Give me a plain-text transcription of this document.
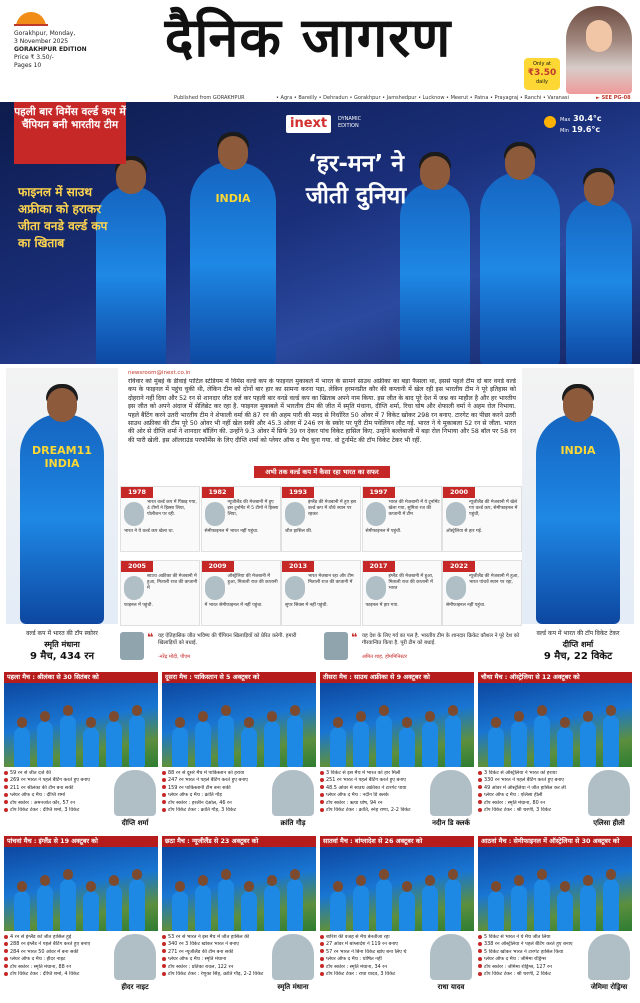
Gorakhpur, Monday,
3 November 2025
GORAKHPUR EDITION
Price ₹ 3.50/-
Pages 10	दैनिक जागरण	Only at
₹3.50
daily
Published from GORAKHPUR	• Agra • Bareilly • Dehradun • Gorakhpur • Jamshedpur • Lucknow • Meerut • Patna • Prayagraj • Ranchi • Varanasi	► SEE PG-08
INDIA
पहली बार विमेंस वर्ल्ड कप में चैंपियन बनी भारतीय टीम
फाइनल में साउथ अफ्रीका को हराकर जीता वनडे वर्ल्ड कप का खिताब
inext	DYNAMIC EDITION
Max 30.4°c
Min 19.6°c
‘हर-मन’ ने
जीती दुनिया
DREAM11 INDIA
वर्ल्ड कप में भारत की टॉप स्कोरर
स्मृति मंधाना
9 मैच, 434 रन
INDIA
वर्ल्ड कप में भारत की टॉप विकेट टेकर
दीप्ति शर्मा
9 मैच, 22 विकेट
newsroom@inext.co.in
रविवार को मुंबई के डीवाई पाटिल स्टेडियम में विमेंस वर्ल्ड कप के फाइनल मुकाबले में भारत के सामने साउथ अफ्रीका का बड़ा फैसला था, इससे पहले टीम दो बार वनडे वर्ल्ड कप के फाइनल में पहुंच चुकी थी, लेकिन टीम को दोनों बार हार का सामना करना पड़ा, लेकिन हरमनप्रीत कौर की कप्तानी में खेल रही इस भारतीय टीम ने पूरे इतिहास को दोहराने नहीं दिया और 52 रन से शानदार जीत दर्ज कर पहली बार वनडे वर्ल्ड कप का खिताब अपने नाम किया. इस जीत के बाद पूरे देश में जश्न का माहौल है और हर भारतीय इस जीत को अपने अंदाज में सेलिब्रेट कर रहा है. फाइनल मुकाबले में भारतीय टीम की जीत में स्मृति मंधाना, दीप्ति शर्मा, रिचा घोष और शेफाली वर्मा ने अहम रोल निभाया. पहले बैटिंग करने उतरी भारतीय टीम ने शेफाली वर्मा की 87 रन की अहम पारी की मदद से निर्धारित 50 ओवर में 7 विकेट खोकर 298 रन बनाए. टारगेट का पीछा करने उतरी साउथ अफ्रीका की टीम पूरे 50 ओवर भी नहीं खेल सकी और 45.3 ओवर में 246 रन के स्कोर पर पूरी टीम पवेलियन लौट गई. भारत ने ये मुकाबला 52 रन से जीता. भारत की ओर से दीप्ति शर्मा ने शानदार बॉलिंग की. उन्होंने 9.3 ओवर में सिर्फ 39 रन देकर पांच विकेट हासिल किए. उन्होंने बल्लेबाजी में बड़ा रोल निभाया और 58 बॉल पर 58 रन की पारी खेली. इस ऑलराउंड परफॉर्मेंस के लिए दीप्ति शर्मा को प्लेयर ऑफ द मैच चुना गया. वो टूर्नामेंट की टॉप विकेट टेकर भी रहीं.
अभी तक वर्ल्ड कप में कैसा रहा भारत का सफर
1978
भारत वर्ल्ड कप में पिछड़ गया, 4 टीमों ने हिस्सा लिया, पोलीशन पर रही.
भारत ने ये वर्ल्ड कप खेला था.
1982
न्यूजीलैंड की मेजबानी में हुए इस टूर्नामेंट में 5 टीमों ने हिस्सा लिया,
सेमीफाइनल में भारत नहीं पहुंचा.
1993
इंग्लैंड की मेजबानी में हुए इस वर्ल्ड कप में चौथे स्थान पर रहकर
जीत हासिल की.
1997
भारत की मेजबानी में ये टूर्नामेंट खेला गया, सुमित्रा रज की कप्तानी में टीम
सेमीफाइनल में पहुंची.
2000
न्यूजीलैंड की मेजबानी में खेले गए वर्ल्ड कप, सेमीफाइनल में पहुंची,
ऑस्ट्रेलिया से हार गई.
2005
साउथ अफ्रीका की मेजबानी में हुआ, मिताली राज की कप्तानी में
फाइनल में पहुंची.
2009
ऑस्ट्रेलिया की मेजबानी में हुआ, मिताली राज की कप्तानी
में भारत सेमीफाइनल में नहीं पहुंचा.
2013
भारत मेजबान रहा और टीम मिताली राज की कप्तानी में
सुपर सिक्स में नहीं पहुंची.
2017
इंग्लैंड की मेजबानी में हुआ, मिताली राज की कप्तानी में भारत
फाइनल में हार गया.
2022
न्यूजीलैंड की मेजबानी में हुआ, भारत पांचवें स्थान पर रहा,
सेमीफाइनल नहीं पहुंचा.
❝ यह ऐतिहासिक जीत भविष्य की चैंपियन खिलाड़ियों को प्रेरित करेगी. हमारी खिलाड़ियों को बधाई.
-नरेंद्र मोदी, पीएम
❝ यह देश के लिए गर्व का पल है. भारतीय टीम के शानदार क्रिकेट कौशल ने पूरे देश को गौरवान्वित किया है. पूरी टीम को बधाई.
अमित शाह, होममिनिस्टर
पहला मैच : श्रीलंका से 30 सितंबर को
59 रन से जीत दर्ज की
269 रन भारत ने पहले बैटिंग करते हुए बनाए
211 रन श्रीलंका की टीम बना सकी
प्लेयर ऑफ द मैच : दीप्ति शर्मा
टॉप स्कोरर : अमनजोत कौर, 57 रन
टॉप विकेट टेकर : दीप्ति शर्मा, 3 विकेट
दीप्ति शर्मा
दूसरा मैच : पाकिस्तान से 5 अक्टूबर को
88 रन से दूसरे मैच में पाकिस्तान को हराया
247 रन भारत ने पहले बैटिंग करते हुए बनाए
159 रन पाकिस्तानी टीम बना सकी
प्लेयर ऑफ द मैच : क्रांति गौड़
टॉप स्कोरर : हरलीन देओल, 46 रन
टॉप विकेट टेकर : क्रांति गौड़, 3 विकेट
क्रांति गौड़
तीसरा मैच : साउथ अफ्रीका से 9 अक्टूबर को
3 विकेट से इस मैच में भारत को हार मिली
251 रन भारत ने पहले बैटिंग करते हुए बनाए
48.5 ओवर में साउथ अफ्रीका ने टारगेट पाया
प्लेयर ऑफ द मैच : नदीन डि क्लर्क
टॉप स्कोरर : ऋचा घोष, 94 रन
टॉप विकेट टेकर : क्रांति, स्नेह राणा, 2-2 विकेट
नदीन डि क्लर्क
चौथा मैच : ऑस्ट्रेलिया से 12 अक्टूबर को
3 विकेट से ऑस्ट्रेलिया ने भारत को हराया
330 रन भारत ने पहले बैटिंग करते हुए बनाए
49 ओवर में ऑस्ट्रेलिया ने जीत हासिल कर ली
प्लेयर ऑफ द मैच : एलिसा हीली
टॉप स्कोरर : स्मृति मंधाना, 80 रन
टॉप विकेट टेकर : श्री चरणी, 3 विकेट
एलिसा हीली
पांचवां मैच : इंग्लैंड से 19 अक्टूबर को
4 रन से इंग्लैंड को जीत हासिल हुई
288 रन इंग्लैंड ने पहले बैटिंग करते हुए बनाए
284 रन भारत 50 ओवर में बना सकी
प्लेयर ऑफ द मैच : हीदर नाइट
टॉप स्कोरर : स्मृति मंधाना, 88 रन
टॉप विकेट टेकर : दीप्ति शर्मा, 4 विकेट
हीदर नाइट
छठा मैच : न्यूजीलैंड से 23 अक्टूबर को
53 रन से भारत ने इस मैच में जीत हासिल की
340 रन 3 विकेट खोकर भारत ने बनाए
271 रन न्यूजीलैंड की टीम बना सकी
प्लेयर ऑफ द मैच : स्मृति मंधाना
टॉप स्कोरर : प्रतिका रावल, 122 रन
टॉप विकेट टेकर : रेणुका सिंह, क्रांति गौड़, 2-2 विकेट
स्मृति मंधाना
सातवां मैच : बांग्लादेश से 26 अक्टूबर को
बारिश की वजह से मैच बेनतीजा रहा
27 ओवर में बांग्लादेश ने 119 रन बनाए
57 रन भारत ने बिना विकेट खोए बना लिए थे
प्लेयर ऑफ द मैच : घोषित नहीं
टॉप स्कोरर : स्मृति मंधाना, 34 रन
टॉप विकेट टेकर : राधा यादव, 3 विकेट
राधा यादव
आठवां मैच : सेमीफाइनल में ऑस्ट्रेलिया से 30 अक्टूबर को
5 विकेट से भारत ने ये मैच जीत लिया
338 रन ऑस्ट्रेलिया ने पहले बैटिंग करते हुए बनाए
5 विकेट खोकर भारत ने टारगेट हासिल किया
प्लेयर ऑफ द मैच : जेमिमा रोड्रिग्स
टॉप स्कोरर : जेमिमा रोड्रिग्स, 127 रन
टॉप विकेट टेकर : श्री चरणी, 2 विकेट
जेमिमा रोड्रिग्स
